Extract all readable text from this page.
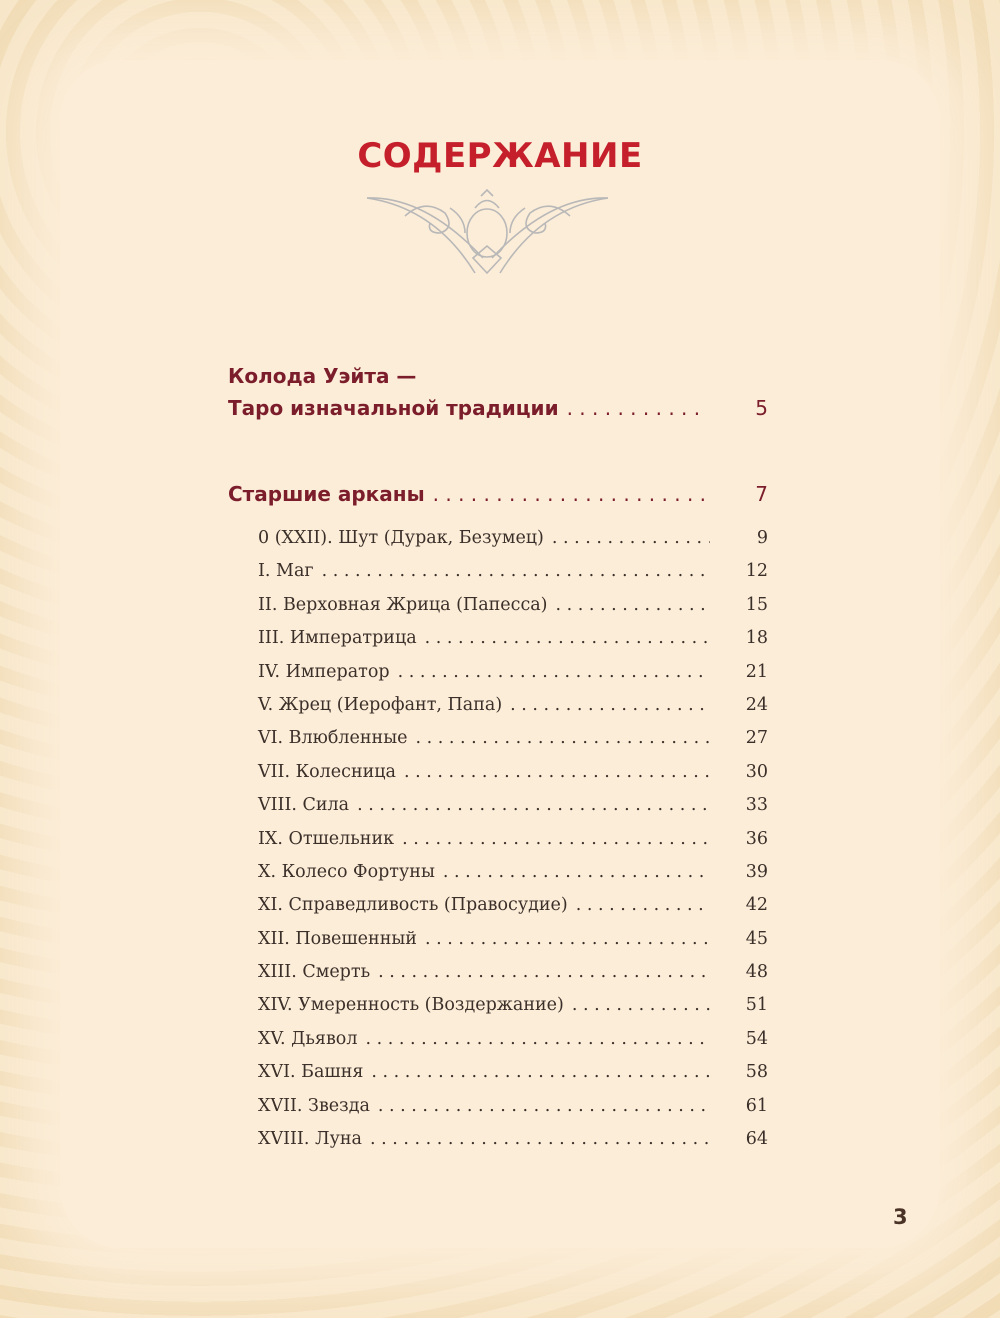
СОДЕРЖАНИЕ
Колода Уэйта —
Таро изначальной традиции . . .	5
Старшие арканы . . .	7
0 (XXII). Шут (Дурак, Безумец) . . .	9
I. Маг . . .	12
II. Верховная Жрица (Папесса) . . .	15
III. Императрица . . .	18
IV. Император . . .	21
V. Жрец (Иерофант, Папа) . . .	24
VI. Влюбленные . . .	27
VII. Колесница . . .	30
VIII. Сила . . .	33
IX. Отшельник . . .	36
X. Колесо Фортуны . . .	39
XI. Справедливость (Правосудие) . . .	42
XII. Повешенный . . .	45
XIII. Смерть . . .	48
XIV. Умеренность (Воздержание) . . .	51
XV. Дьявол . . .	54
XVI. Башня . . .	58
XVII. Звезда . . .	61
XVIII. Луна . . .	64
3
